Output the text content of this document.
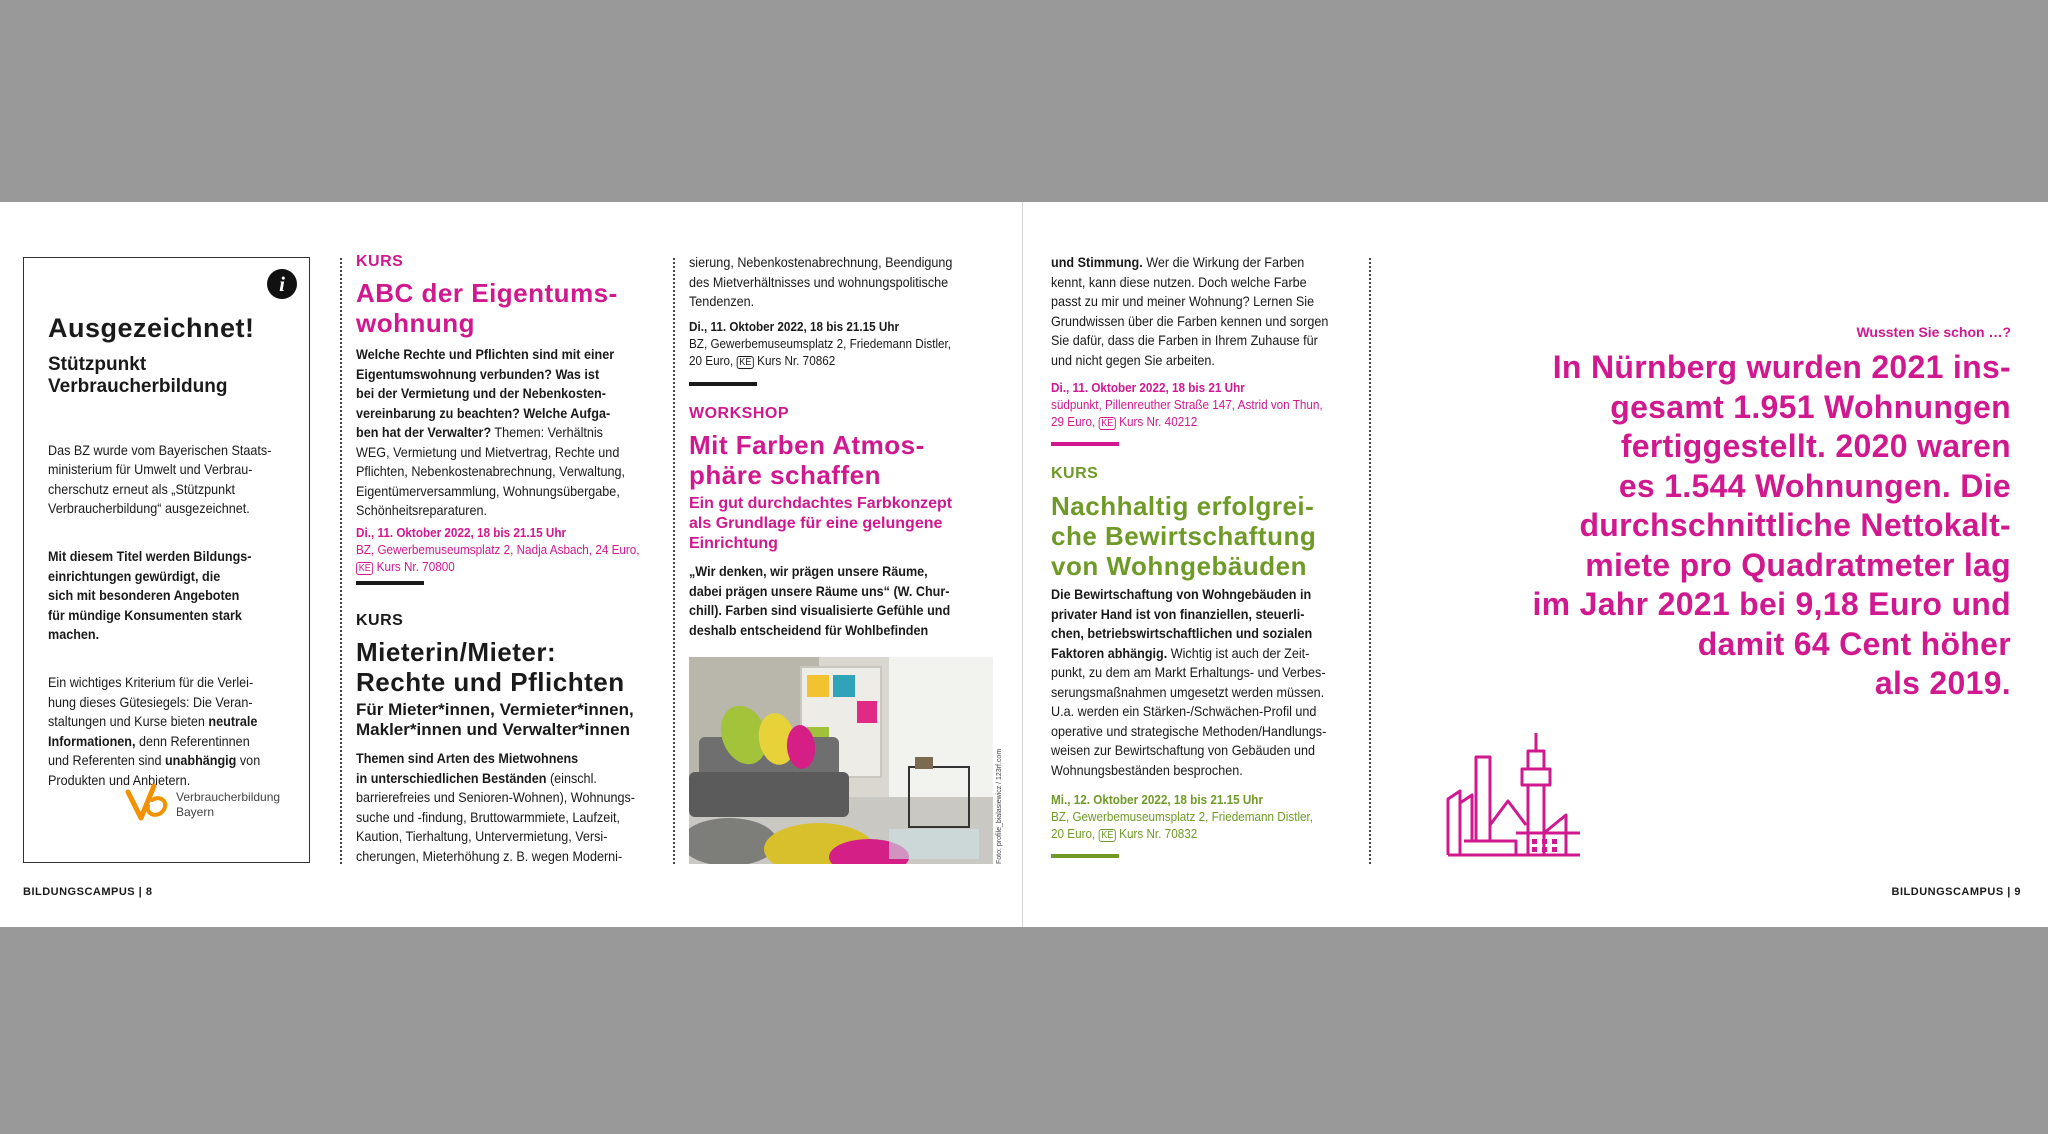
i
Ausgezeichnet!
Stützpunkt
Verbraucherbildung

Das BZ wurde vom Bayerischen Staats-
ministerium für Umwelt und Verbrau-
cherschutz erneut als „Stützpunkt
Verbraucherbildung“ ausgezeichnet.

Mit diesem Titel werden Bildungs-
einrichtungen gewürdigt, die
sich mit besonderen Angeboten
für mündige Konsumenten stark
machen.

Ein wichtiges Kriterium für die Verlei-
hung dieses Gütesiegels: Die Veran-
staltungen und Kurse bieten neutrale
Informationen, denn Referentinnen
und Referenten sind unabhängig von
Produkten und Anbietern.

Verbraucherbildung
Bayern
KURS
ABC der Eigentums-
wohnung
Welche Rechte und Pflichten sind mit einer
Eigentumswohnung verbunden? Was ist
bei der Vermietung und der Nebenkosten-
vereinbarung zu beachten? Welche Aufga-
ben hat der Verwalter? Themen: Verhältnis
WEG, Vermietung und Mietvertrag, Rechte und
Pflichten, Nebenkostenabrechnung, Verwaltung,
Eigentümerversammlung, Wohnungsübergabe,
Schönheitsreparaturen.
Di., 11. Oktober 2022, 18 bis 21.15 Uhr
BZ, Gewerbemuseumsplatz 2, Nadja Asbach, 24 Euro,
KE Kurs Nr. 70800
KURS
Mieterin/Mieter:
Rechte und Pflichten
Für Mieter*innen, Vermieter*innen,
Makler*innen und Verwalter*innen
Themen sind Arten des Mietwohnens
in unterschiedlichen Beständen (einschl.
barrierefreies und Senioren-Wohnen), Wohnungs-
suche und -findung, Bruttowarmmiete, Laufzeit,
Kaution, Tierhaltung, Untervermietung, Versi-
cherungen, Mieterhöhung z. B. wegen Moderni-
sierung, Nebenkostenabrechnung, Beendigung
des Mietverhältnisses und wohnungspolitische
Tendenzen.
Di., 11. Oktober 2022, 18 bis 21.15 Uhr
BZ, Gewerbemuseumsplatz 2, Friedemann Distler,
20 Euro, KE Kurs Nr. 70862
WORKSHOP
Mit Farben Atmos-
phäre schaffen
Ein gut durchdachtes Farbkonzept
als Grundlage für eine gelungene
Einrichtung
„Wir denken, wir prägen unsere Räume,
dabei prägen unsere Räume uns“ (W. Chur-
chill). Farben sind visualisierte Gefühle und
deshalb entscheidend für Wohlbefinden
Foto: profile_bialasiewicz / 123rf.com
und Stimmung. Wer die Wirkung der Farben
kennt, kann diese nutzen. Doch welche Farbe
passt zu mir und meiner Wohnung? Lernen Sie
Grundwissen über die Farben kennen und sorgen
Sie dafür, dass die Farben in Ihrem Zuhause für
und nicht gegen Sie arbeiten.
Di., 11. Oktober 2022, 18 bis 21 Uhr
südpunkt, Pillenreuther Straße 147, Astrid von Thun,
29 Euro, KE Kurs Nr. 40212
KURS
Nachhaltig erfolgrei-
che Bewirtschaftung
von Wohngebäuden
Die Bewirtschaftung von Wohngebäuden in
privater Hand ist von finanziellen, steuerli-
chen, betriebswirtschaftlichen und sozialen
Faktoren abhängig. Wichtig ist auch der Zeit-
punkt, zu dem am Markt Erhaltungs- und Verbes-
serungsmaßnahmen umgesetzt werden müssen.
U.a. werden ein Stärken-/Schwächen-Profil und
operative und strategische Methoden/Handlungs-
weisen zur Bewirtschaftung von Gebäuden und
Wohnungsbeständen besprochen.
Mi., 12. Oktober 2022, 18 bis 21.15 Uhr
BZ, Gewerbemuseumsplatz 2, Friedemann Distler,
20 Euro, KE Kurs Nr. 70832
Wussten Sie schon …?
In Nürnberg wurden 2021 ins-
gesamt 1.951 Wohnungen
fertiggestellt. 2020 waren
es 1.544 Wohnungen. Die
durchschnittliche Nettokalt-
miete pro Quadratmeter lag
im Jahr 2021 bei 9,18 Euro und
damit 64 Cent höher
als 2019.
BILDUNGSCAMPUS | 8	BILDUNGSCAMPUS | 9
